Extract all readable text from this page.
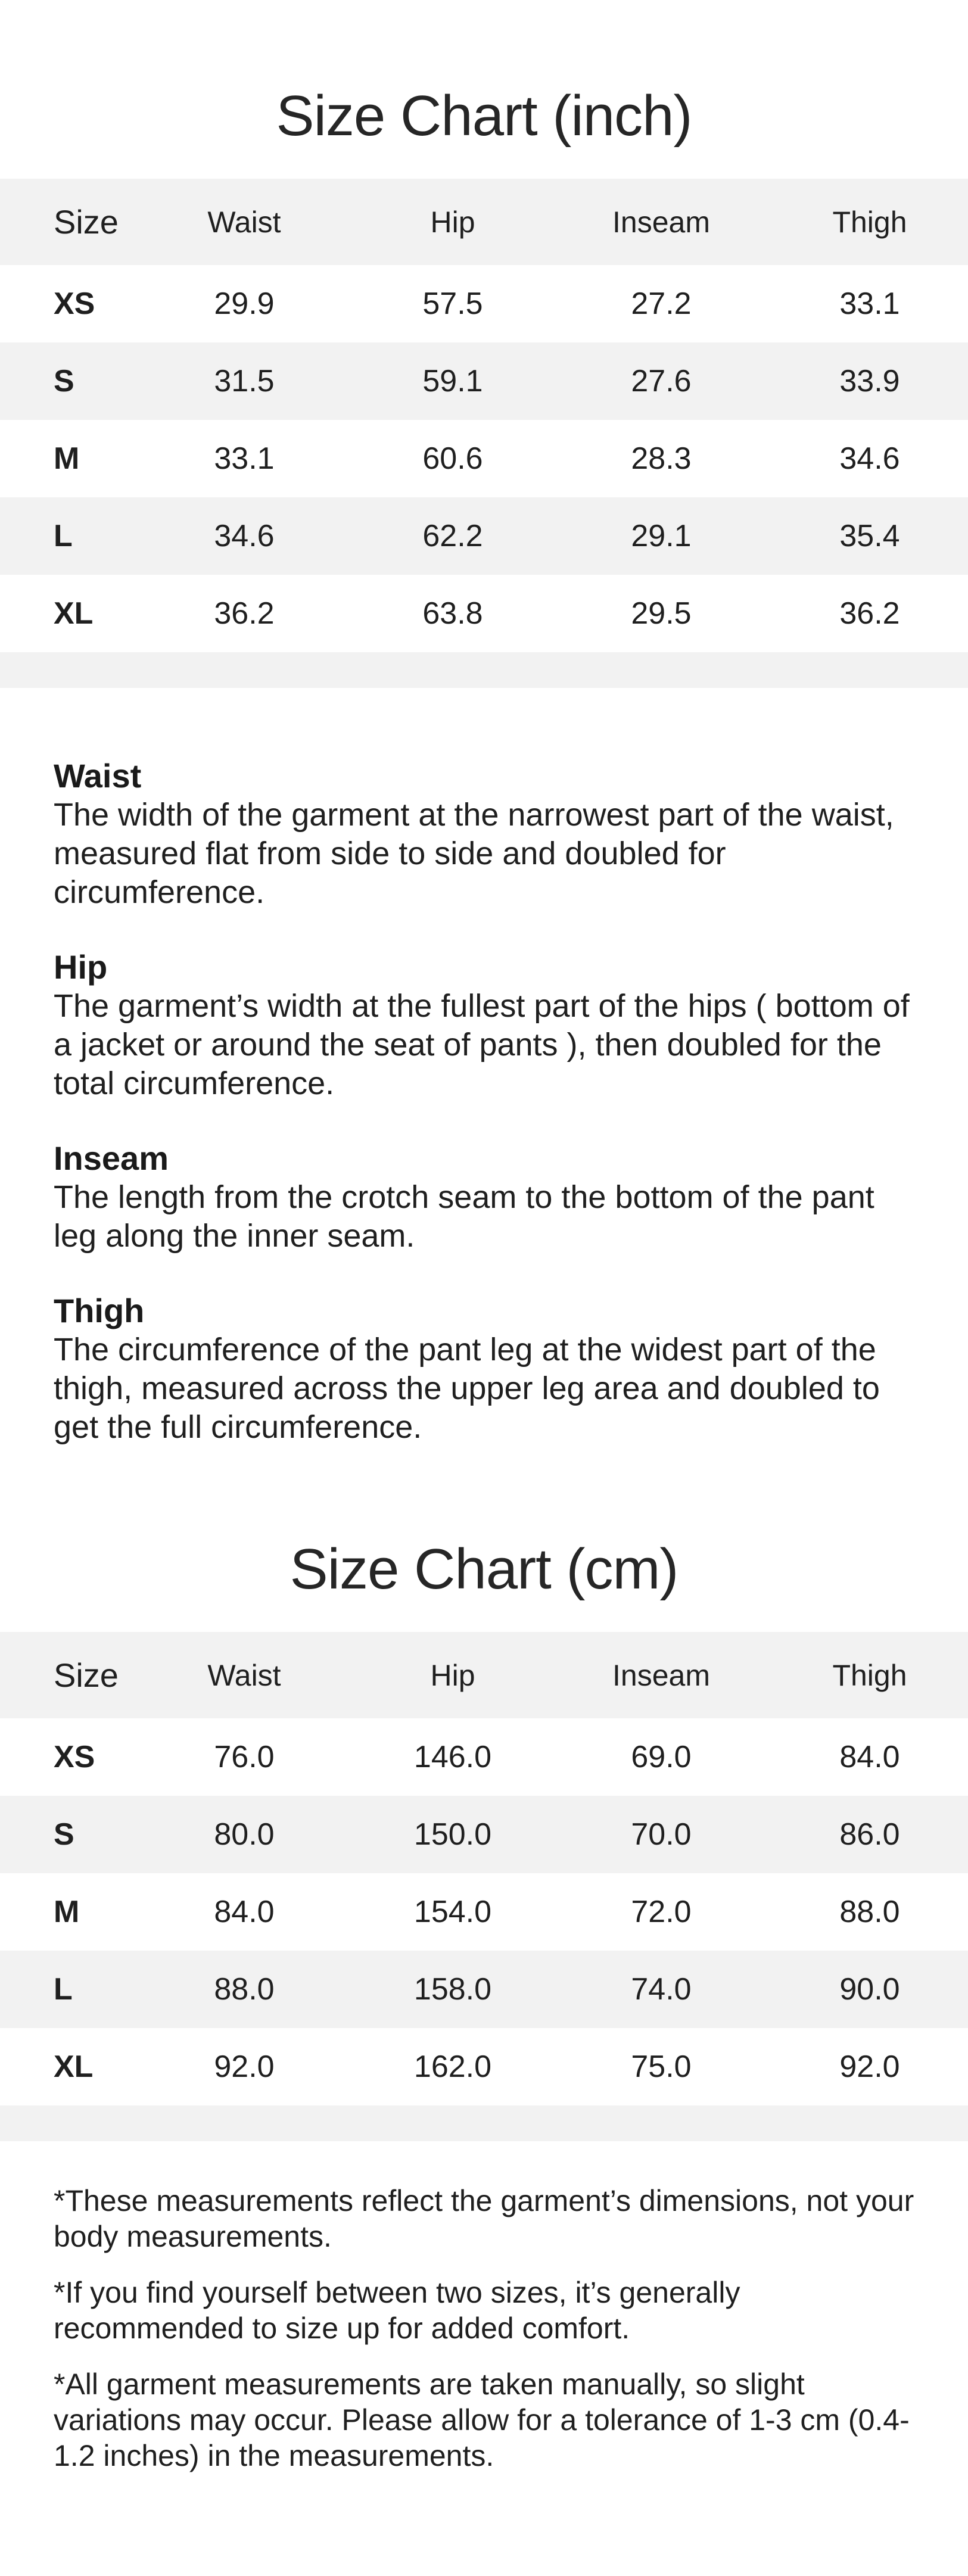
Size Chart (inch)
Size	Waist	Hip	Inseam	Thigh
XS	29.9	57.5	27.2	33.1
S	31.5	59.1	27.6	33.9
M	33.1	60.6	28.3	34.6
L	34.6	62.2	29.1	35.4
XL	36.2	63.8	29.5	36.2
Waist
The width of the garment at the narrowest part of the waist, measured flat from side to side and doubled for circumference.
Hip
The garment’s width at the fullest part of the hips ( bottom of a jacket or around the seat of pants ), then doubled for the total circumference.
Inseam
The length from the crotch seam to the bottom of the pant leg along the inner seam.
Thigh
The circumference of the pant leg at the widest part of the thigh, measured across the upper leg area and doubled to get the full circumference.
Size Chart (cm)
Size	Waist	Hip	Inseam	Thigh
XS	76.0	146.0	69.0	84.0
S	80.0	150.0	70.0	86.0
M	84.0	154.0	72.0	88.0
L	88.0	158.0	74.0	90.0
XL	92.0	162.0	75.0	92.0

*These measurements reflect the garment’s dimensions, not your body measurements.

*If you find yourself between two sizes, it’s generally recommended to size up for added comfort.

*All garment measurements are taken manually, so slight variations may occur. Please allow for a tolerance of 1-3 cm (0.4-1.2 inches) in the measurements.
